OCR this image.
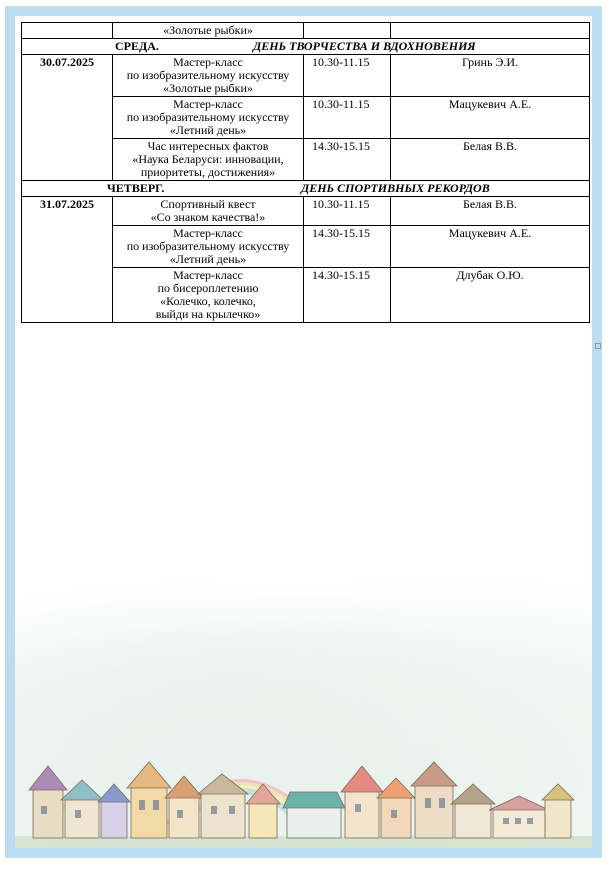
	«Золотые рыбки»		
СРЕДА. ДЕНЬ ТВОРЧЕСТВА И ВДОХНОВЕНИЯ			
30.07.2025	Мастер-класс
по изобразительному искусству
«Золотые рыбки»	10.30-11.15	Гринь Э.И.
	Мастер-класс
по изобразительному искусству
«Летний день»	10.30-11.15	Мацукевич А.Е.
	Час интересных фактов
«Наука Беларуси: инновации,
приоритеты, достижения»	14.30-15.15	Белая В.В.
ЧЕТВЕРГ. ДЕНЬ СПОРТИВНЫХ РЕКОРДОВ			
31.07.2025	Спортивный квест
«Со знаком качества!»	10.30-11.15	Белая В.В.
	Мастер-класс
по изобразительному искусству
«Летний день»	14.30-15.15	Мацукевич А.Е.
	Мастер-класс
по бисероплетению
«Колечко, колечко,
выйди на крылечко»	14.30-15.15	Длубак О.Ю.
